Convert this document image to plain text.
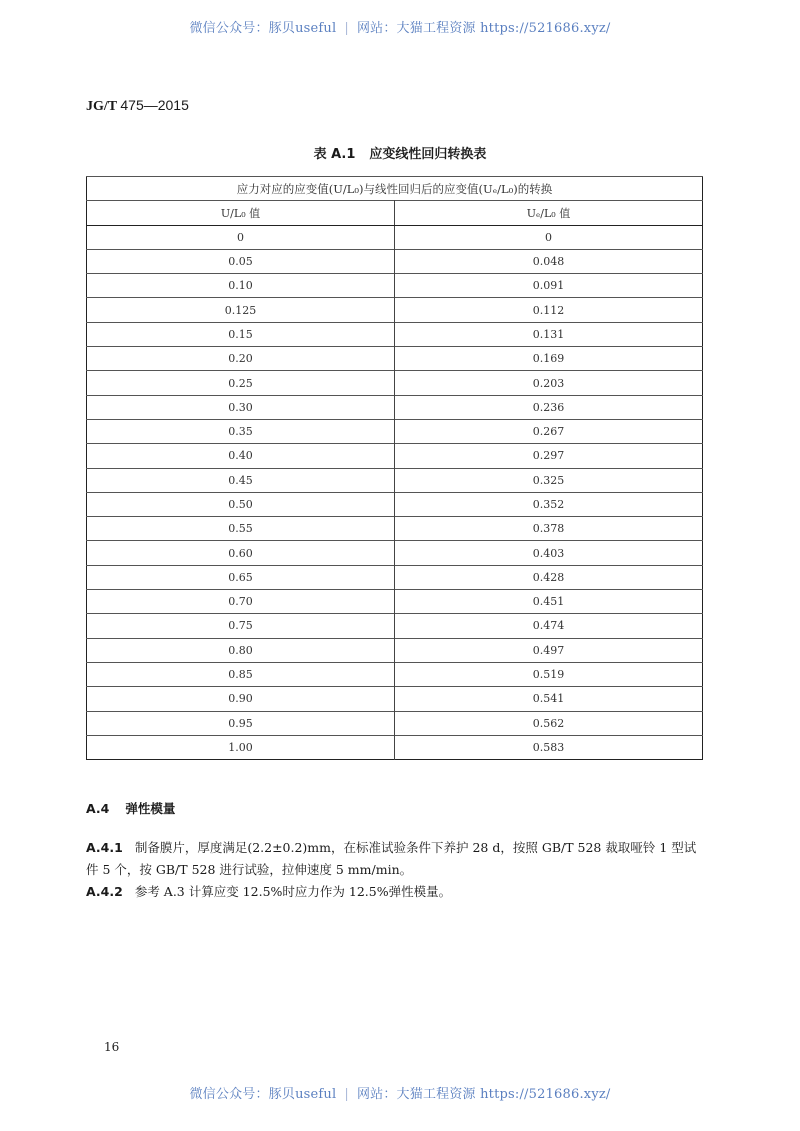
微信公众号：豚贝useful | 网站：大猫工程资源 https://521686.xyz/
JG/T 475—2015
表 A.1 应变线性回归转换表
应力对应的应变值(U/L₀)与线性回归后的应变值(Uₑ/L₀)的转换	
U/L₀ 值	Uₑ/L₀ 值
0	0
0.05	0.048
0.10	0.091
0.125	0.112
0.15	0.131
0.20	0.169
0.25	0.203
0.30	0.236
0.35	0.267
0.40	0.297
0.45	0.325
0.50	0.352
0.55	0.378
0.60	0.403
0.65	0.428
0.70	0.451
0.75	0.474
0.80	0.497
0.85	0.519
0.90	0.541
0.95	0.562
1.00	0.583
A.4 弹性模量
A.4.1 制备膜片，厚度满足(2.2±0.2)mm，在标准试验条件下养护 28 d，按照 GB/T 528 裁取哑铃 1 型试件 5 个，按 GB/T 528 进行试验，拉伸速度 5 mm/min。
A.4.2 参考 A.3 计算应变 12.5%时应力作为 12.5%弹性模量。
16
微信公众号：豚贝useful | 网站：大猫工程资源 https://521686.xyz/
